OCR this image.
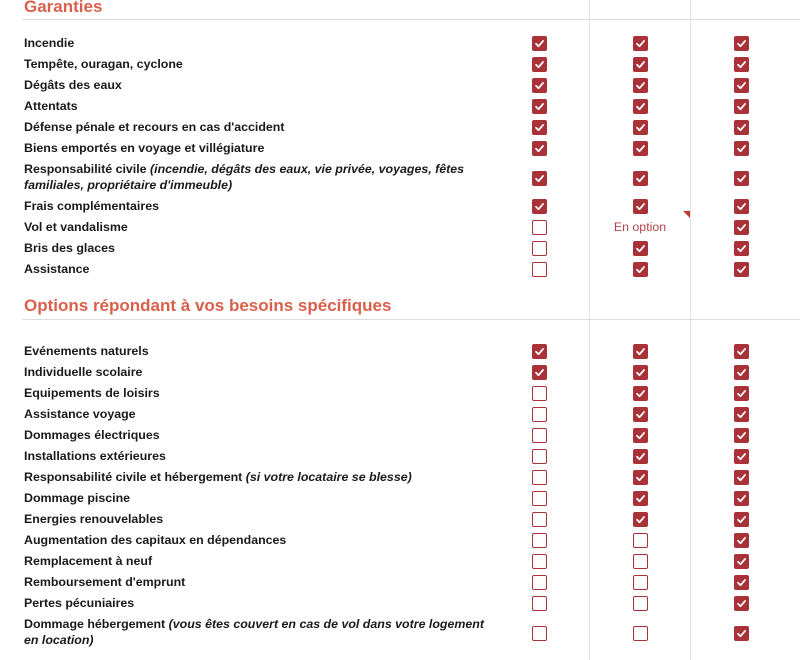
Garanties
Incendie
Tempête, ouragan, cyclone
Dégâts des eaux
Attentats
Défense pénale et recours en cas d'accident
Biens emportés en voyage et villégiature
Responsabilité civile (incendie, dégâts des eaux, vie privée, voyages, fêtes familiales, propriétaire d'immeuble)
Frais complémentaires
Vol et vandalisme	En option
Bris des glaces
Assistance
Options répondant à vos besoins spécifiques
Evénements naturels
Individuelle scolaire
Equipements de loisirs
Assistance voyage
Dommages électriques
Installations extérieures
Responsabilité civile et hébergement (si votre locataire se blesse)
Dommage piscine
Energies renouvelables
Augmentation des capitaux en dépendances
Remplacement à neuf
Remboursement d'emprunt
Pertes pécuniaires
Dommage hébergement (vous êtes couvert en cas de vol dans votre logement en location)
